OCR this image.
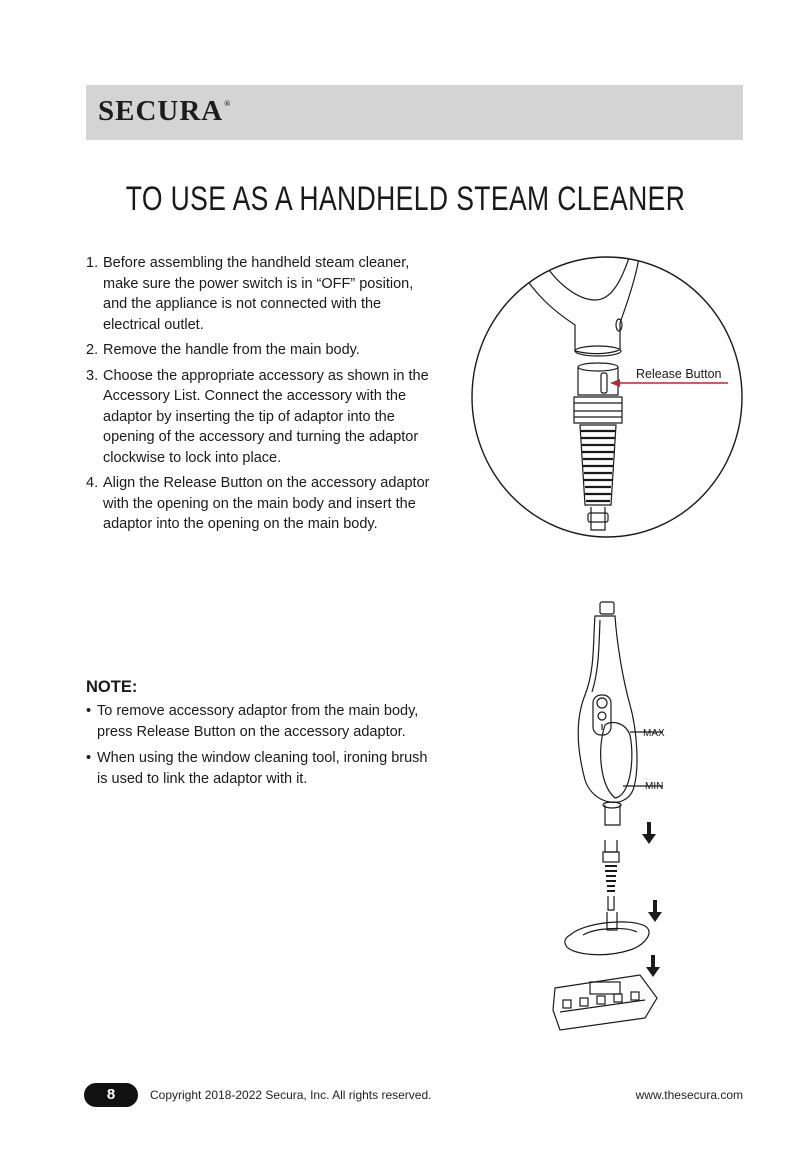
SECURA®
TO USE AS A HANDHELD STEAM CLEANER
1. Before assembling the handheld steam cleaner, make sure the power switch is in “OFF” position, and the appliance is not connected with the electrical outlet.
2. Remove the handle from the main body.
3. Choose the appropriate accessory as shown in the Accessory List. Connect the accessory with the adaptor by inserting the tip of adaptor into the opening of the accessory and turning the adaptor clockwise to lock into place.
4. Align the Release Button on the accessory adaptor with the opening on the main body and insert the adaptor into the opening on the main body.
Release Button
NOTE:
• To remove accessory adaptor from the main body, press Release Button on the accessory adaptor.
• When using the window cleaning tool, ironing brush is used to link the adaptor with it.
MAX
MIN
8	Copyright 2018-2022 Secura, Inc. All rights reserved.	www.thesecura.com
